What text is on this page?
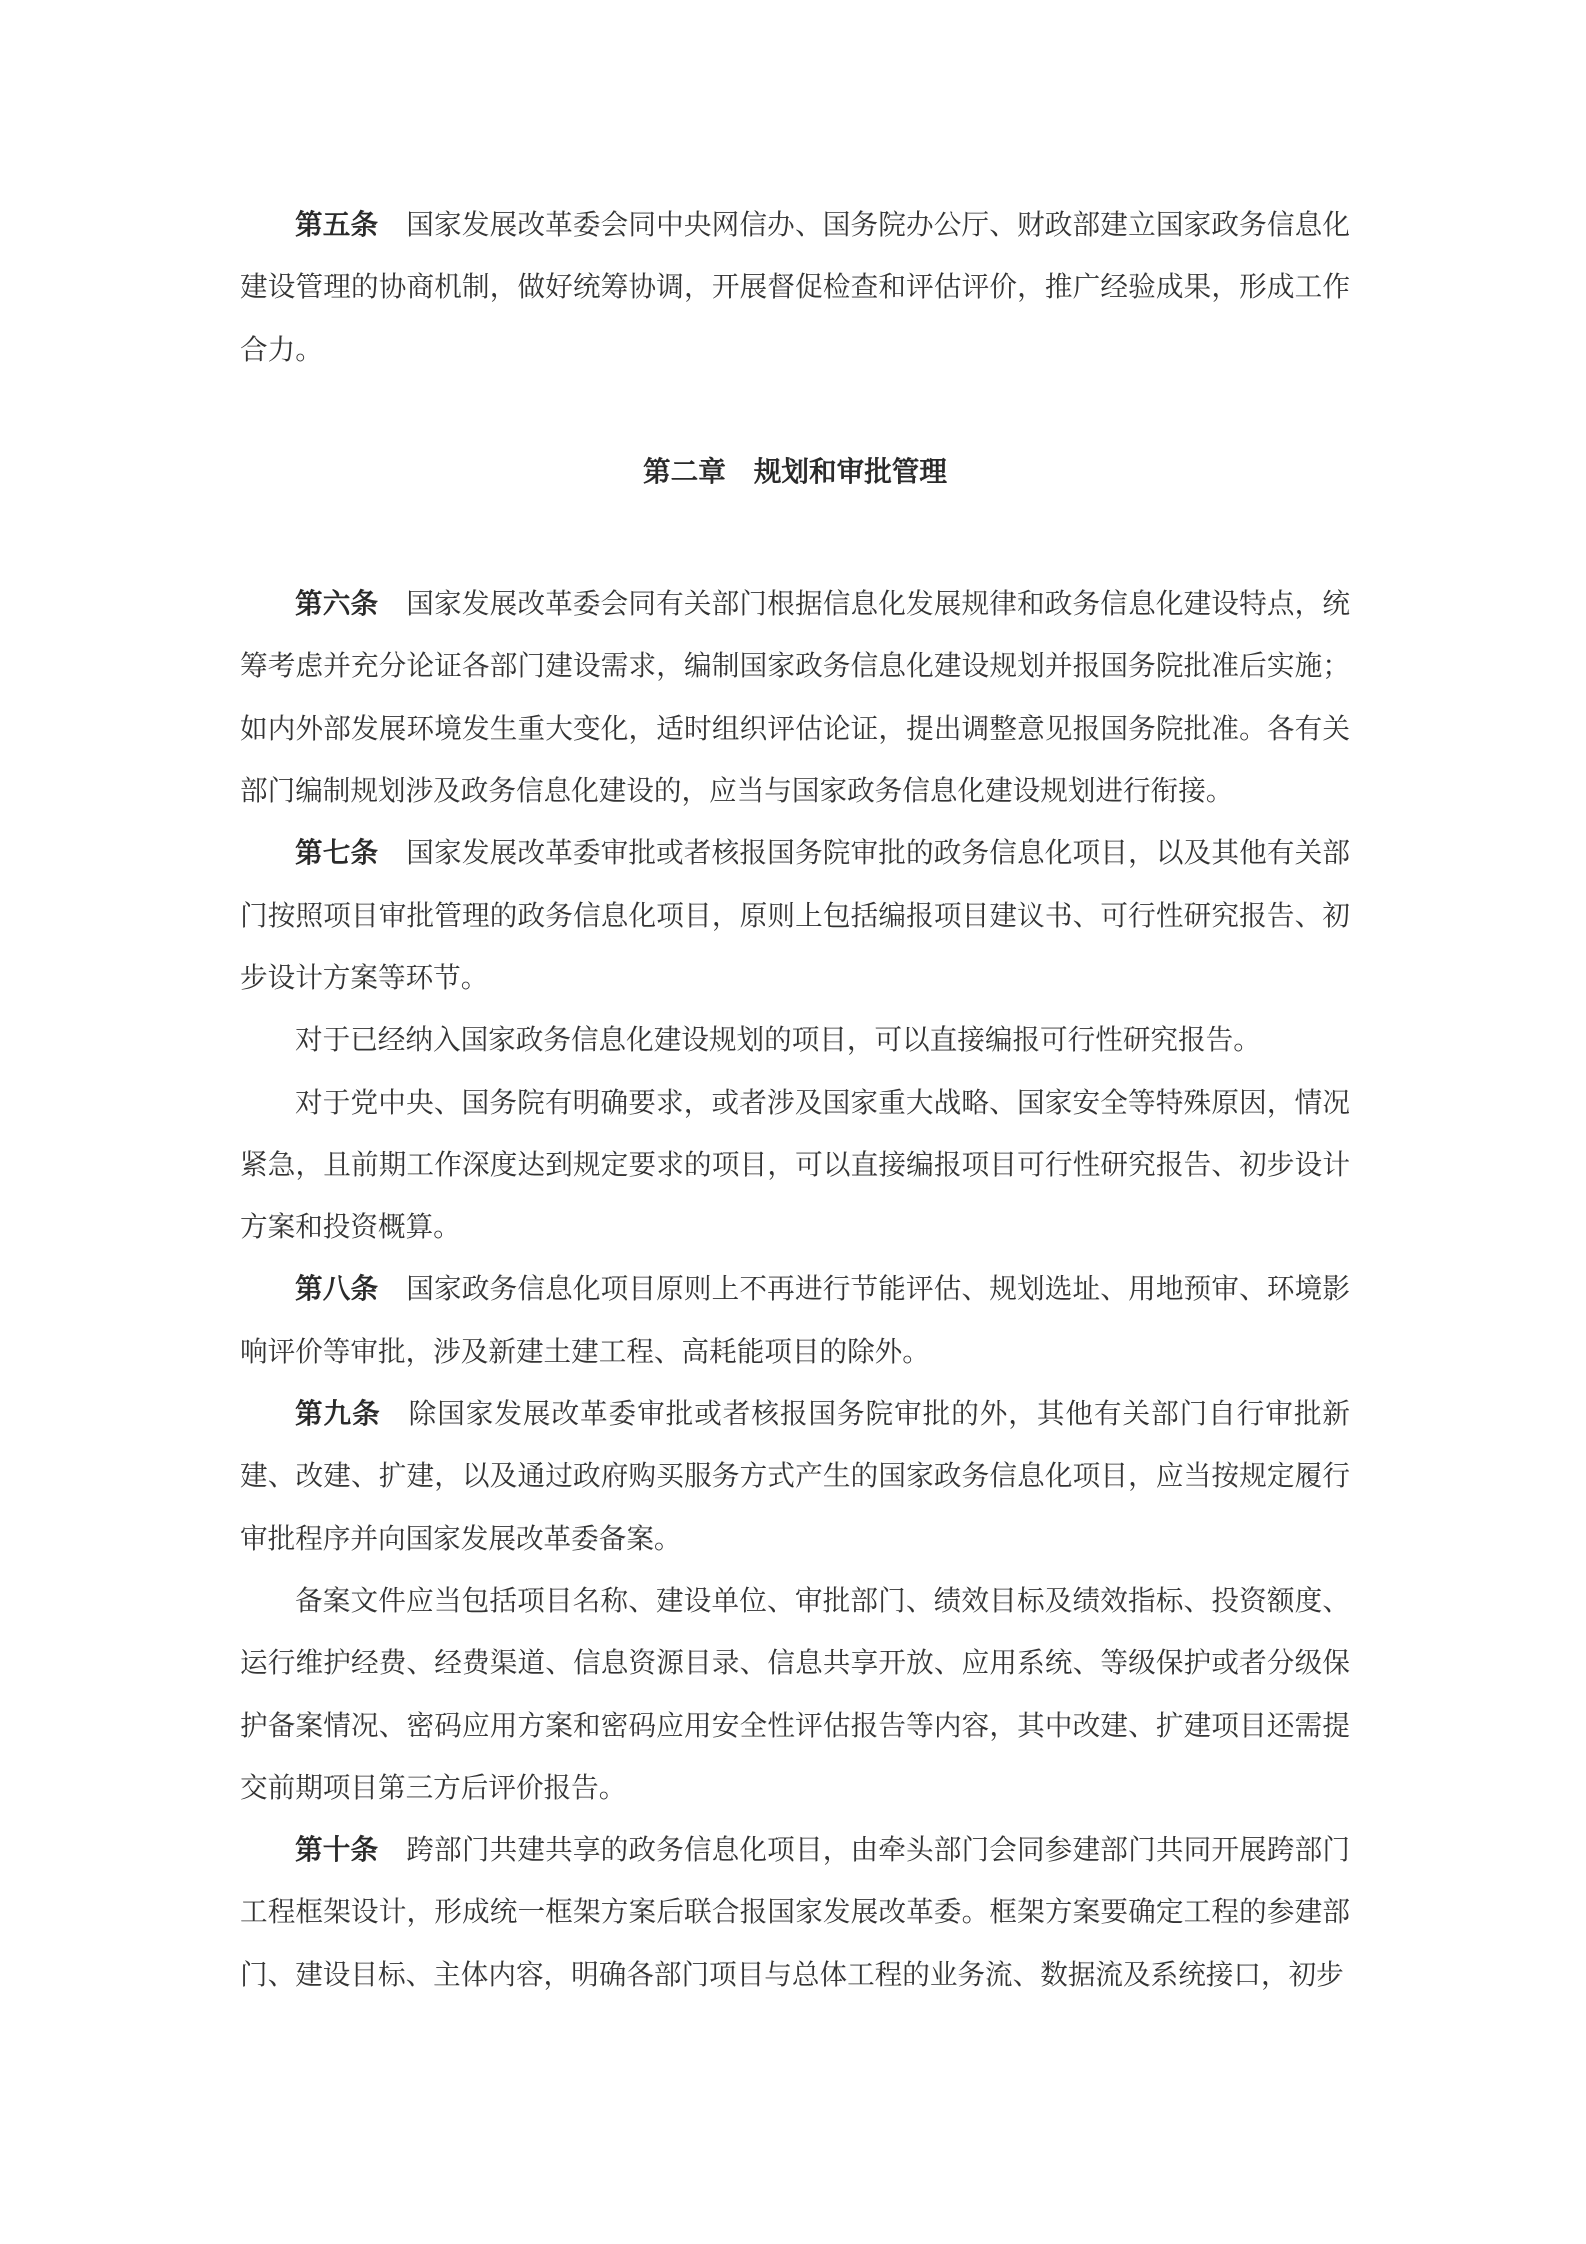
第五条 国家发展改革委会同中央网信办、国务院办公厅、财政部建立国家政务信息化建设管理的协商机制，做好统筹协调，开展督促检查和评估评价，推广经验成果，形成工作合力。

第二章 规划和审批管理

第六条 国家发展改革委会同有关部门根据信息化发展规律和政务信息化建设特点，统筹考虑并充分论证各部门建设需求，编制国家政务信息化建设规划并报国务院批准后实施；如内外部发展环境发生重大变化，适时组织评估论证，提出调整意见报国务院批准。各有关部门编制规划涉及政务信息化建设的，应当与国家政务信息化建设规划进行衔接。

第七条 国家发展改革委审批或者核报国务院审批的政务信息化项目，以及其他有关部门按照项目审批管理的政务信息化项目，原则上包括编报项目建议书、可行性研究报告、初步设计方案等环节。

对于已经纳入国家政务信息化建设规划的项目，可以直接编报可行性研究报告。

对于党中央、国务院有明确要求，或者涉及国家重大战略、国家安全等特殊原因，情况紧急，且前期工作深度达到规定要求的项目，可以直接编报项目可行性研究报告、初步设计方案和投资概算。

第八条 国家政务信息化项目原则上不再进行节能评估、规划选址、用地预审、环境影响评价等审批，涉及新建土建工程、高耗能项目的除外。

第九条 除国家发展改革委审批或者核报国务院审批的外，其他有关部门自行审批新建、改建、扩建，以及通过政府购买服务方式产生的国家政务信息化项目，应当按规定履行审批程序并向国家发展改革委备案。

备案文件应当包括项目名称、建设单位、审批部门、绩效目标及绩效指标、投资额度、运行维护经费、经费渠道、信息资源目录、信息共享开放、应用系统、等级保护或者分级保护备案情况、密码应用方案和密码应用安全性评估报告等内容，其中改建、扩建项目还需提交前期项目第三方后评价报告。

第十条 跨部门共建共享的政务信息化项目，由牵头部门会同参建部门共同开展跨部门工程框架设计，形成统一框架方案后联合报国家发展改革委。框架方案要确定工程的参建部门、建设目标、主体内容，明确各部门项目与总体工程的业务流、数据流及系统接口，初步
